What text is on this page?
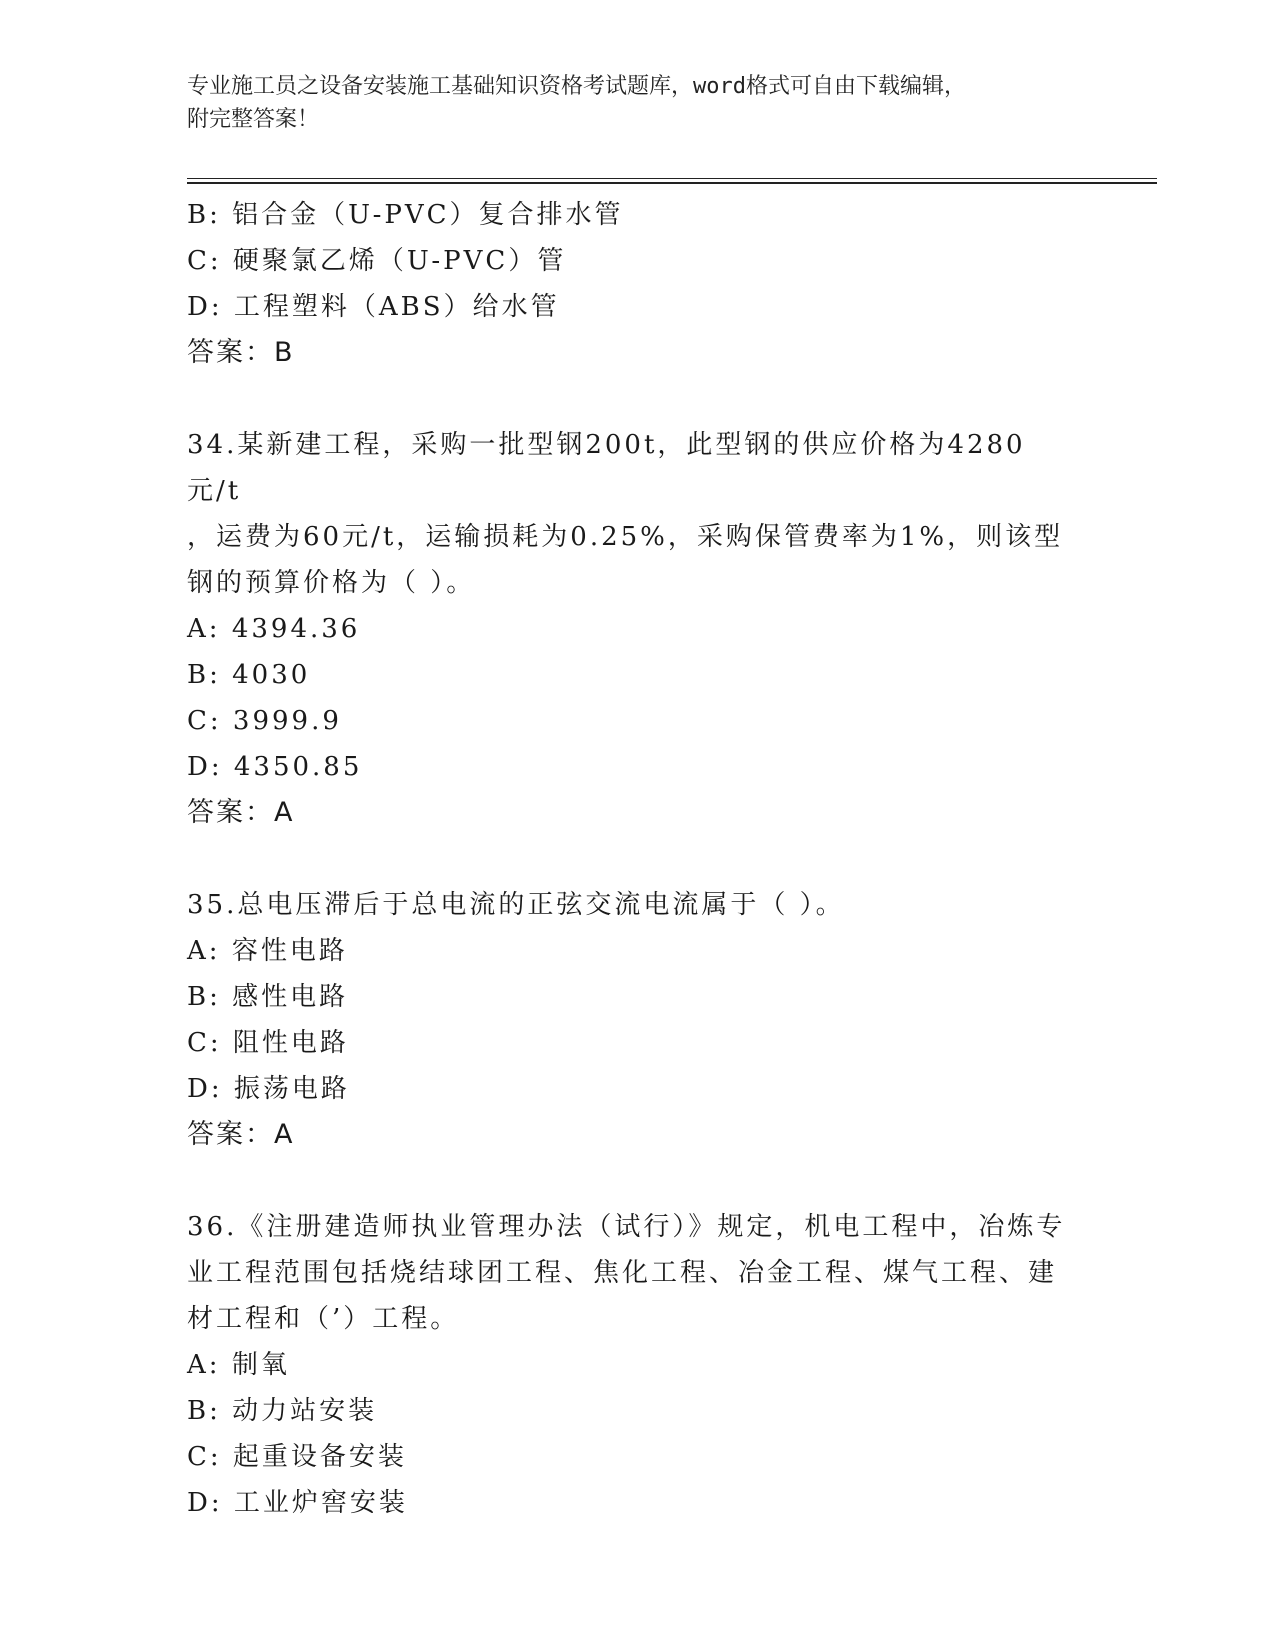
专业施工员之设备安装施工基础知识资格考试题库，word格式可自由下载编辑，
附完整答案！
B: 铝合金（U-PVC）复合排水管
C: 硬聚氯乙烯（U-PVC）管
D: 工程塑料（ABS）给水管
答案：B
34.某新建工程，采购一批型钢200t，此型钢的供应价格为4280元/t
，运费为60元/t，运输损耗为0.25%，采购保管费率为1%，则该型
钢的预算价格为（ ）。
A: 4394.36
B: 4030
C: 3999.9
D: 4350.85
答案：A
35.总电压滞后于总电流的正弦交流电流属于（ ）。
A: 容性电路
B: 感性电路
C: 阻性电路
D: 振荡电路
答案：A
36.《注册建造师执业管理办法（试行）》规定，机电工程中，冶炼专
业工程范围包括烧结球团工程、焦化工程、冶金工程、煤气工程、建
材工程和（’）工程。
A: 制氧
B: 动力站安装
C: 起重设备安装
D: 工业炉窖安装
